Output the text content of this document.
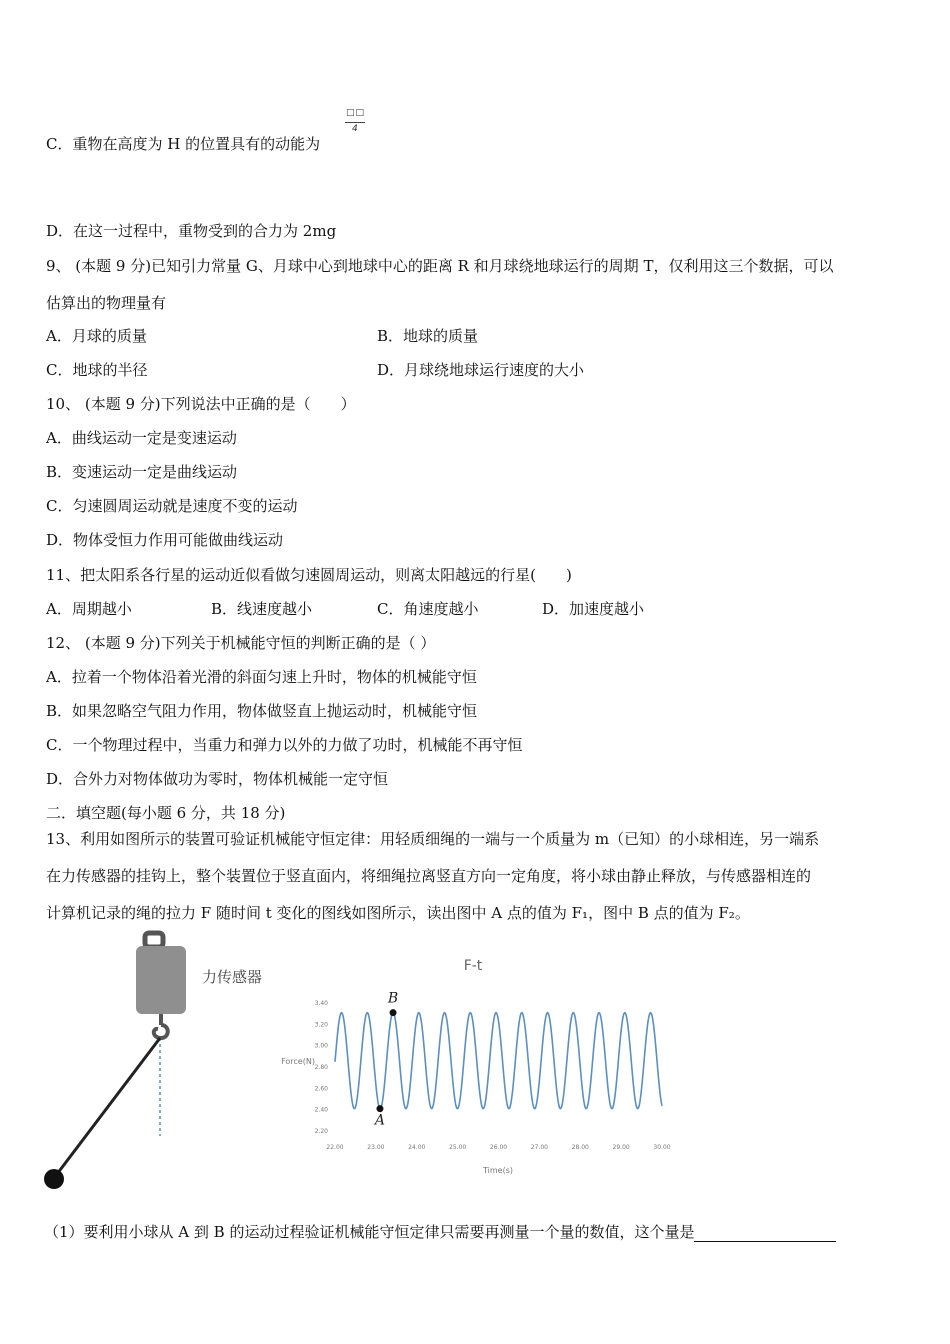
C．重物在高度为 H 的位置具有的动能为
□□
4
D．在这一过程中，重物受到的合力为 2mg
9、 (本题 9 分)已知引力常量 G、月球中心到地球中心的距离 R 和月球绕地球运行的周期 T，仅利用这三个数据，可以
估算出的物理量有
A．月球的质量	B．地球的质量
C．地球的半径	D．月球绕地球运行速度的大小
10、 (本题 9 分)下列说法中正确的是（　　）
A．曲线运动一定是变速运动
B．变速运动一定是曲线运动
C．匀速圆周运动就是速度不变的运动
D．物体受恒力作用可能做曲线运动
11、把太阳系各行星的运动近似看做匀速圆周运动，则离太阳越远的行星(　　)
A．周期越小	B．线速度越小	C．角速度越小	D．加速度越小
12、 (本题 9 分)下列关于机械能守恒的判断正确的是（ ）
A．拉着一个物体沿着光滑的斜面匀速上升时，物体的机械能守恒
B．如果忽略空气阻力作用，物体做竖直上抛运动时，机械能守恒
C．一个物理过程中，当重力和弹力以外的力做了功时，机械能不再守恒
D．合外力对物体做功为零时，物体机械能一定守恒
二．填空题(每小题 6 分，共 18 分)
13、利用如图所示的装置可验证机械能守恒定律：用轻质细绳的一端与一个质量为 m（已知）的小球相连，另一端系
在力传感器的挂钩上，整个装置位于竖直面内，将细绳拉离竖直方向一定角度，将小球由静止释放，与传感器相连的
计算机记录的绳的拉力 F 随时间 t 变化的图线如图所示，读出图中 A 点的值为 F₁，图中 B 点的值为 F₂。
力传感器
F-t
Force(N)
Time(s)
3.40
3.20
3.00
2.80
2.60
2.40
2.20
22.00	23.00	24.00	25.00	26.00	27.00	28.00	29.00	30.00
A
B
（1）要利用小球从 A 到 B 的运动过程验证机械能守恒定律只需要再测量一个量的数值，这个量是
